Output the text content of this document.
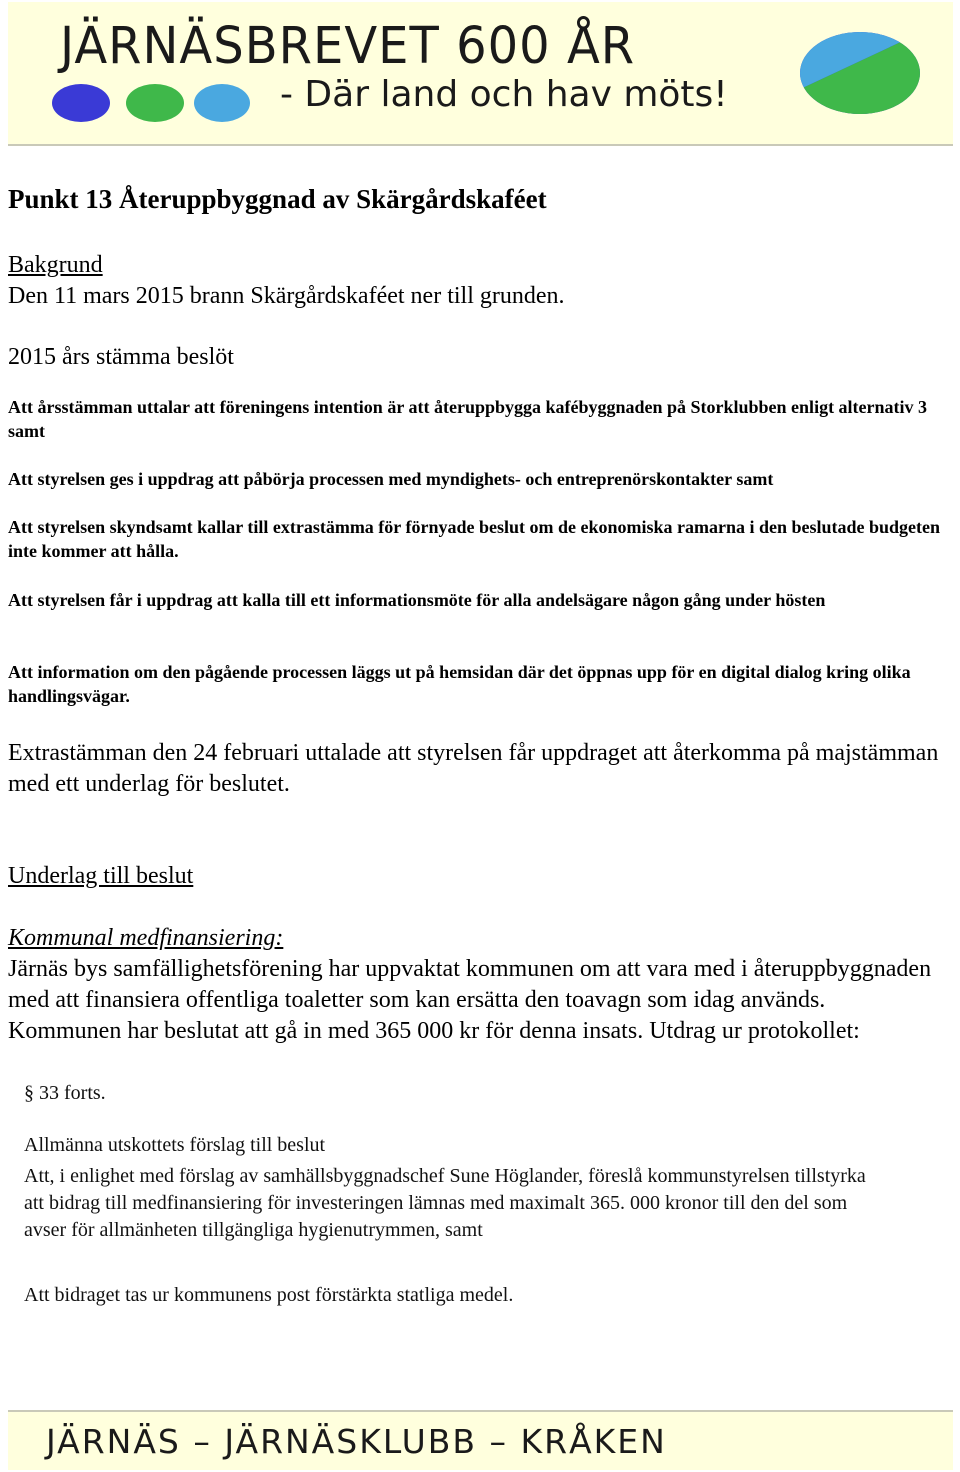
JÄRNÄSBREVET 600 ÅR
- Där land och hav möts!
Punkt 13 Återuppbyggnad av Skärgårdskaféet
Bakgrund
Den 11 mars 2015 brann Skärgårdskaféet ner till grunden.
2015 års stämma beslöt
Att årsstämman uttalar att föreningens intention är att återuppbygga kafébyggnaden på Storklubben enligt alternativ 3 samt
Att styrelsen ges i uppdrag att påbörja processen med myndighets- och entreprenörskontakter samt
Att styrelsen skyndsamt kallar till extrastämma för förnyade beslut om de ekonomiska ramarna i den beslutade budgeten inte kommer att hålla.
Att styrelsen får i uppdrag att kalla till ett informationsmöte för alla andelsägare någon gång under hösten
Att information om den pågående processen läggs ut på hemsidan där det öppnas upp för en digital dialog kring olika handlingsvägar.
Extrastämman den 24 februari uttalade att styrelsen får uppdraget att återkomma på majstämman med ett underlag för beslutet.
Underlag till beslut
Kommunal medfinansiering:
Järnäs bys samfällighetsförening har uppvaktat kommunen om att vara med i återuppbyggnaden med att finansiera offentliga toaletter som kan ersätta den toavagn som idag används. Kommunen har beslutat att gå in med 365 000 kr för denna insats. Utdrag ur protokollet:
§ 33 forts.
Allmänna utskottets förslag till beslut
Att, i enlighet med förslag av samhällsbyggnadschef Sune Höglander, föreslå kommunstyrelsen tillstyrka att bidrag till medfinansiering för investeringen lämnas med maximalt 365. 000 kronor till den del som avser för allmänheten tillgängliga hygienutrymmen, samt
Att bidraget tas ur kommunens post förstärkta statliga medel.
JÄRNÄS – JÄRNÄSKLUBB – KRÅKEN
